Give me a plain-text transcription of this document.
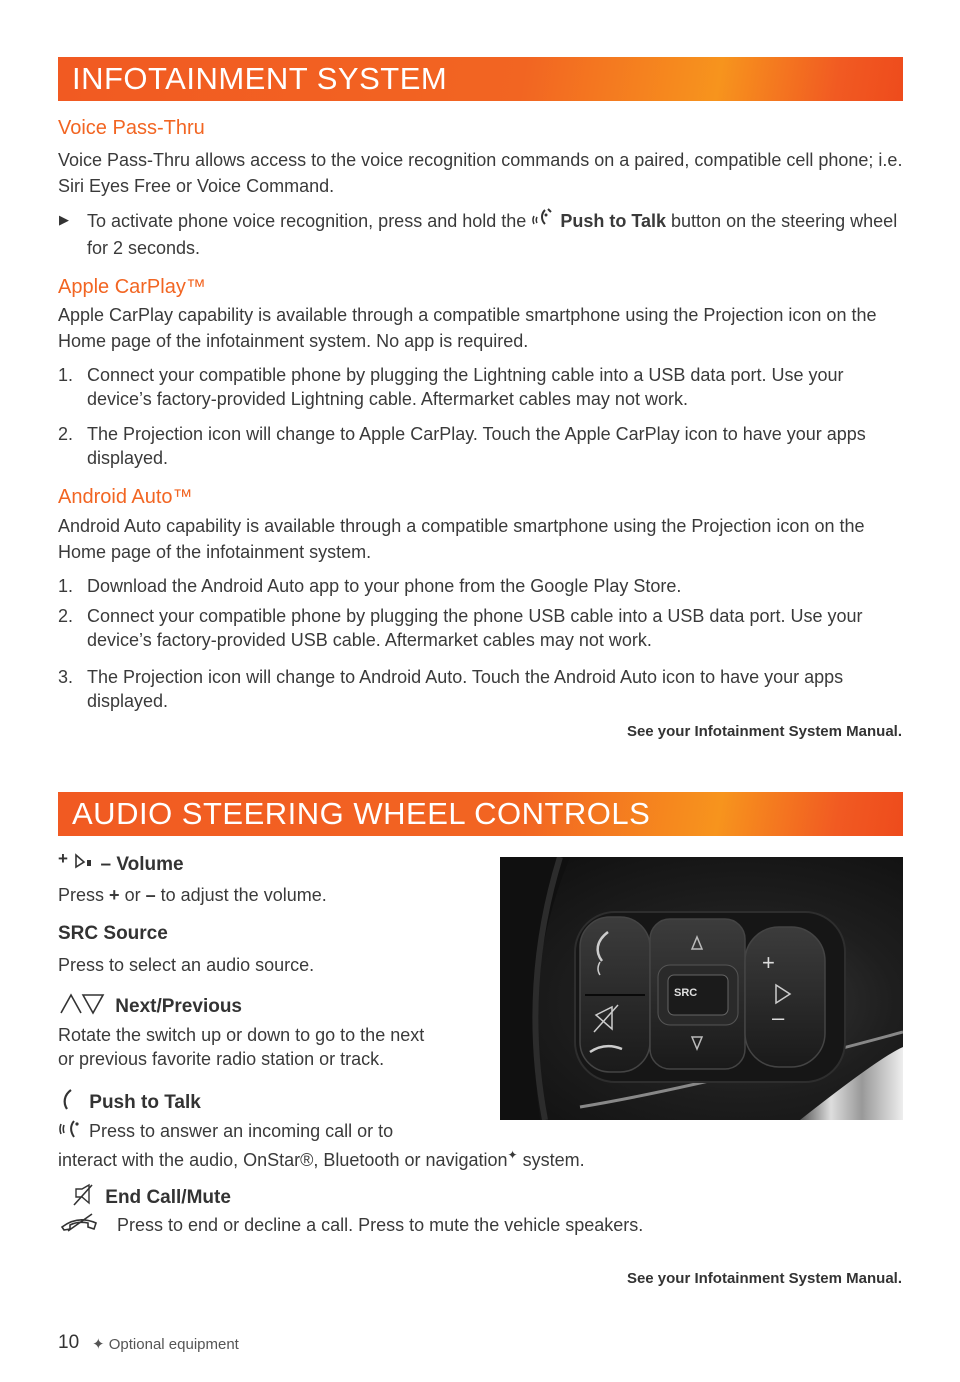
INFOTAINMENT SYSTEM
Voice Pass-Thru
Voice Pass-Thru allows access to the voice recognition commands on a paired, compatible cell phone; i.e. Siri Eyes Free or Voice Command.
▶ To activate phone voice recognition, press and hold the Push to Talk button on the steering wheel for 2 seconds.
Apple CarPlay™
Apple CarPlay capability is available through a compatible smartphone using the Projection icon on the Home page of the infotainment system. No app is required.
1. Connect your compatible phone by plugging the Lightning cable into a USB data port. Use your device’s factory-provided Lightning cable. Aftermarket cables may not work.
2. The Projection icon will change to Apple CarPlay. Touch the Apple CarPlay icon to have your apps displayed.
Android Auto™
Android Auto capability is available through a compatible smartphone using the Projection icon on the Home page of the infotainment system.
1. Download the Android Auto app to your phone from the Google Play Store.
2. Connect your compatible phone by plugging the phone USB cable into a USB data port. Use your device’s factory-provided USB cable. Aftermarket cables may not work.
3. The Projection icon will change to Android Auto. Touch the Android Auto icon to have your apps displayed.
See your Infotainment System Manual.
AUDIO STEERING WHEEL CONTROLS
+ – Volume
Press + or – to adjust the volume.
SRC Source
Press to select an audio source.
Next/Previous
Rotate the switch up or down to go to the next
or previous favorite radio station or track.
Push to Talk
Press to answer an incoming call or to
interact with the audio, OnStar®, Bluetooth or navigation✦ system.
End Call/Mute
Press to end or decline a call. Press to mute the vehicle speakers.
See your Infotainment System Manual.
SRC
+
–
10 ✦ Optional equipment
